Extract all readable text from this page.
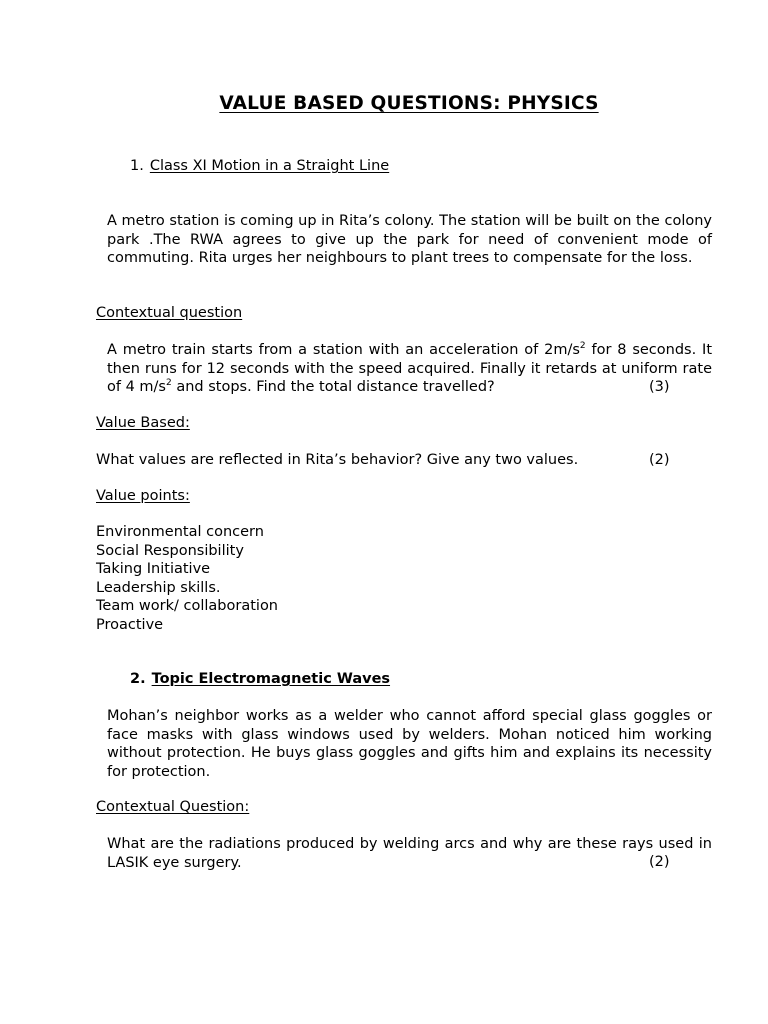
VALUE BASED QUESTIONS: PHYSICS
1. Class XI Motion in a Straight Line
A metro station is coming up in Rita’s colony. The station will be built on the colony park .The RWA agrees to give up the park for need of convenient mode of commuting. Rita urges her neighbours to plant trees to compensate for the loss.
Contextual question
A metro train starts from a station with an acceleration of $2m/s^2$ for 8 seconds. It then runs for 12 seconds with the speed acquired. Finally it retards at uniform rate of 4 $m/s^2$ and stops. Find the total distance travelled?	(3)
Value Based:
What values are reflected in Rita’s behavior? Give any two values.	(2)
Value points:
Environmental concern
Social Responsibility
Taking Initiative
Leadership skills.
Team work/ collaboration
Proactive
2. Topic Electromagnetic Waves
Mohan’s neighbor works as a welder who cannot afford special glass goggles or face masks with glass windows used by welders. Mohan noticed him working without protection. He buys glass goggles and gifts him and explains its necessity for protection.
Contextual Question:
What are the radiations produced by welding arcs and why are these rays used in LASIK eye surgery.	(2)
